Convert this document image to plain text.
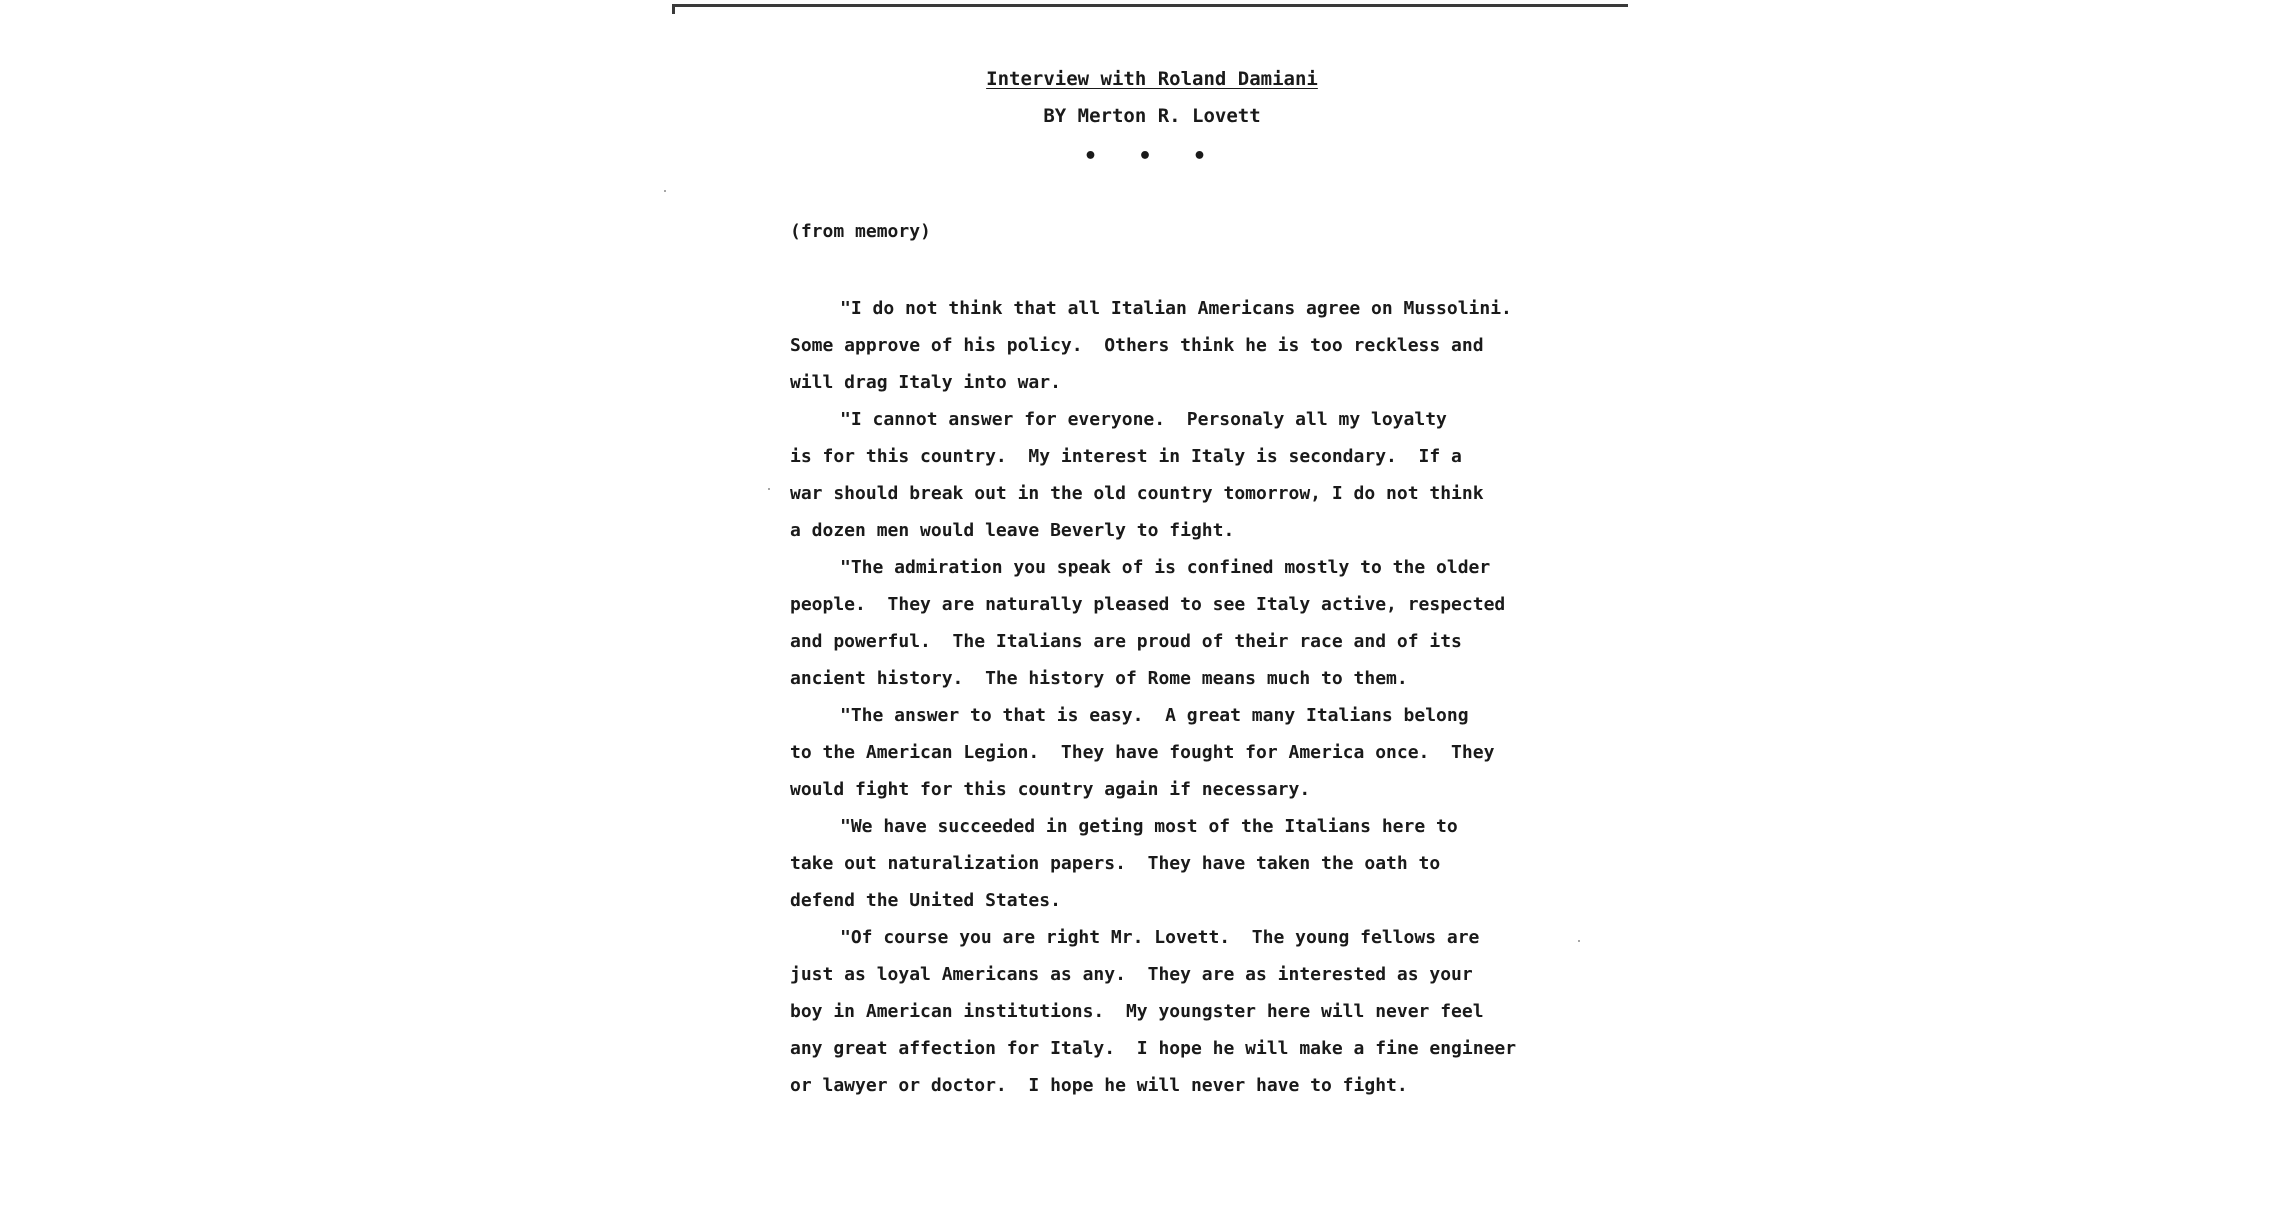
Interview with Roland Damiani
BY Merton R. Lovett
• • •
(from memory)
"I do not think that all Italian Americans agree on Mussolini.
Some approve of his policy.  Others think he is too reckless and
will drag Italy into war.
"I cannot answer for everyone.  Personaly all my loyalty
is for this country.  My interest in Italy is secondary.  If a
war should break out in the old country tomorrow, I do not think
a dozen men would leave Beverly to fight.
"The admiration you speak of is confined mostly to the older
people.  They are naturally pleased to see Italy active, respected
and powerful.  The Italians are proud of their race and of its
ancient history.  The history of Rome means much to them.
"The answer to that is easy.  A great many Italians belong
to the American Legion.  They have fought for America once.  They
would fight for this country again if necessary.
"We have succeeded in geting most of the Italians here to
take out naturalization papers.  They have taken the oath to
defend the United States.
"Of course you are right Mr. Lovett.  The young fellows are
just as loyal Americans as any.  They are as interested as your
boy in American institutions.  My youngster here will never feel
any great affection for Italy.  I hope he will make a fine engineer
or lawyer or doctor.  I hope he will never have to fight.
